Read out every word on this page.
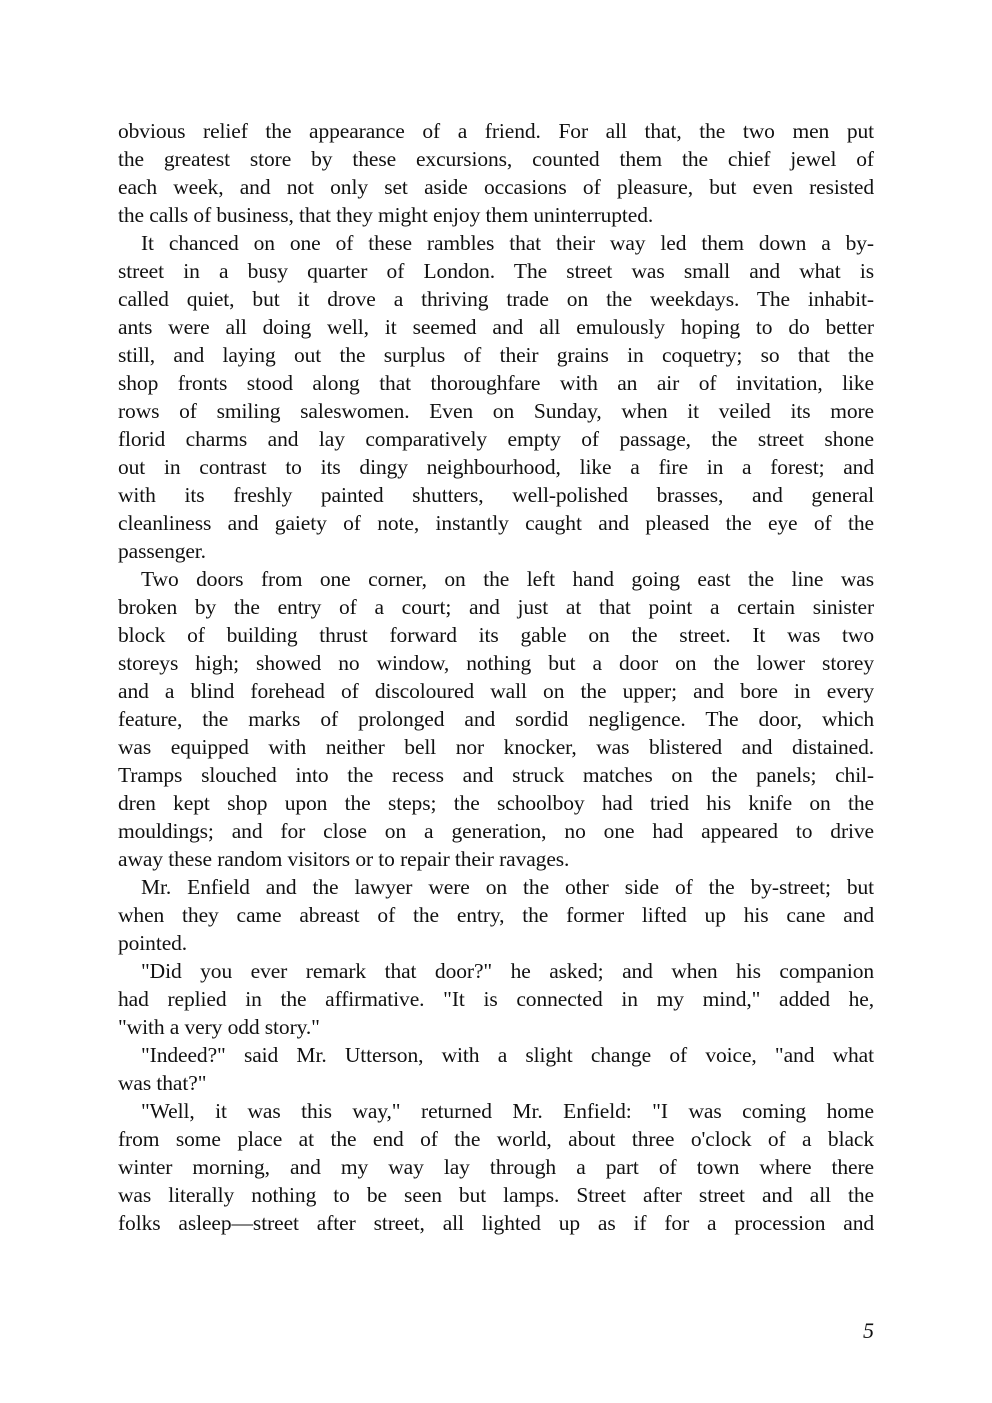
obvious relief the appearance of a friend. For all that, the two men put
the greatest store by these excursions, counted them the chief jewel of
each week, and not only set aside occasions of pleasure, but even resisted
the calls of business, that they might enjoy them uninterrupted.
It chanced on one of these rambles that their way led them down a by-
street in a busy quarter of London. The street was small and what is
called quiet, but it drove a thriving trade on the weekdays. The inhabit-
ants were all doing well, it seemed and all emulously hoping to do better
still, and laying out the surplus of their grains in coquetry; so that the
shop fronts stood along that thoroughfare with an air of invitation, like
rows of smiling saleswomen. Even on Sunday, when it veiled its more
florid charms and lay comparatively empty of passage, the street shone
out in contrast to its dingy neighbourhood, like a fire in a forest; and
with its freshly painted shutters, well-polished brasses, and general
cleanliness and gaiety of note, instantly caught and pleased the eye of the
passenger.
Two doors from one corner, on the left hand going east the line was
broken by the entry of a court; and just at that point a certain sinister
block of building thrust forward its gable on the street. It was two
storeys high; showed no window, nothing but a door on the lower storey
and a blind forehead of discoloured wall on the upper; and bore in every
feature, the marks of prolonged and sordid negligence. The door, which
was equipped with neither bell nor knocker, was blistered and distained.
Tramps slouched into the recess and struck matches on the panels; chil-
dren kept shop upon the steps; the schoolboy had tried his knife on the
mouldings; and for close on a generation, no one had appeared to drive
away these random visitors or to repair their ravages.
Mr. Enfield and the lawyer were on the other side of the by-street; but
when they came abreast of the entry, the former lifted up his cane and
pointed.
"Did you ever remark that door?" he asked; and when his companion
had replied in the affirmative. "It is connected in my mind," added he,
"with a very odd story."
"Indeed?" said Mr. Utterson, with a slight change of voice, "and what
was that?"
"Well, it was this way," returned Mr. Enfield: "I was coming home
from some place at the end of the world, about three o'clock of a black
winter morning, and my way lay through a part of town where there
was literally nothing to be seen but lamps. Street after street and all the
folks asleep—street after street, all lighted up as if for a procession and
5
